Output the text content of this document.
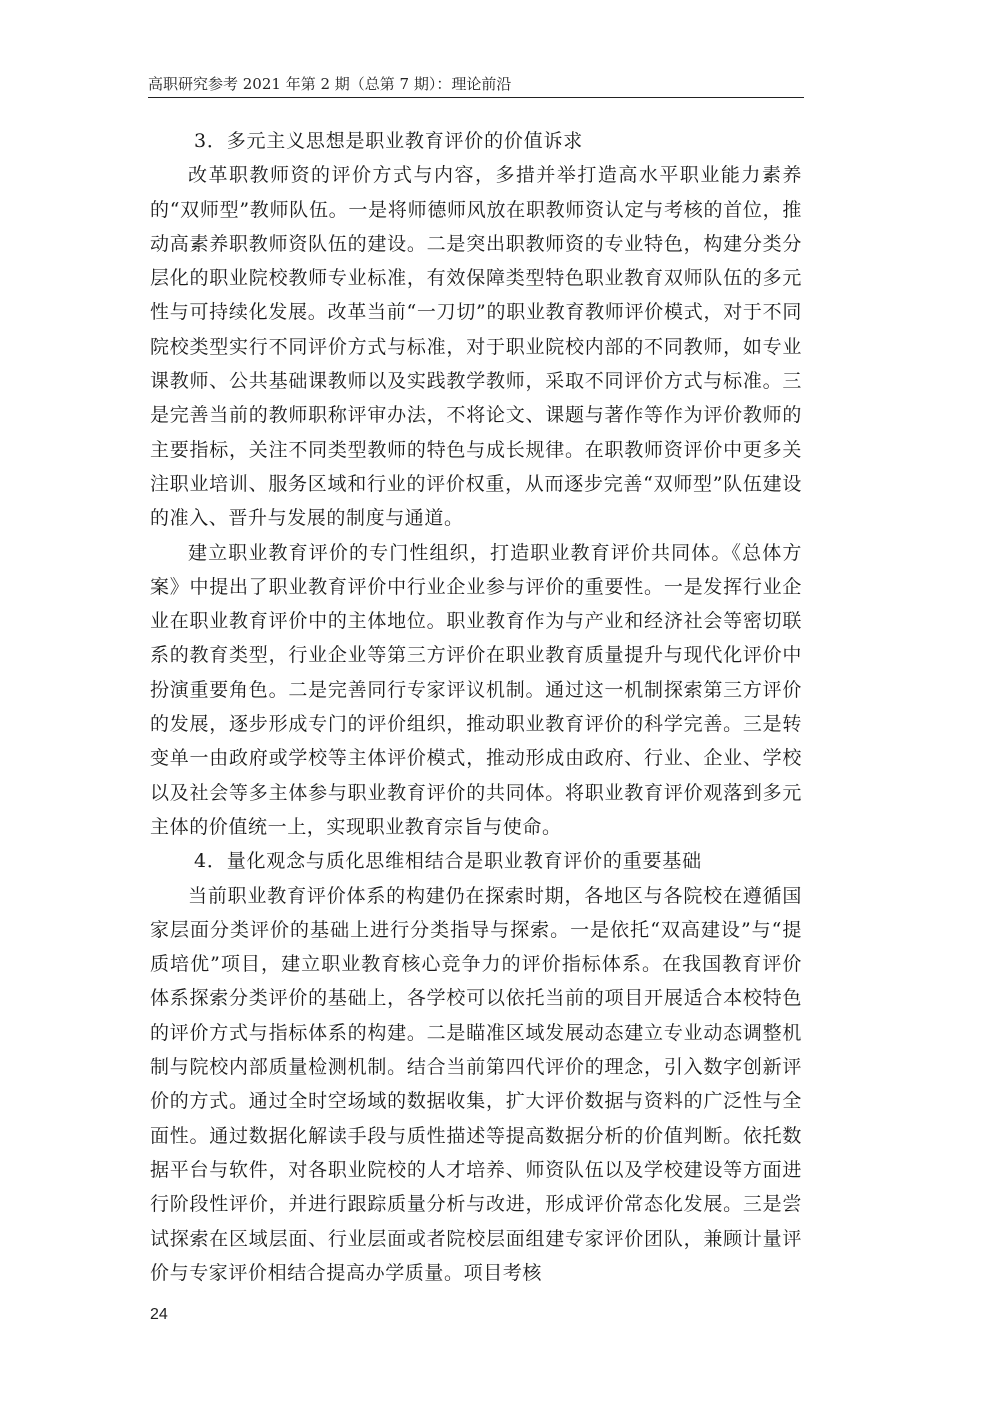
高职研究参考 2021 年第 2 期（总第 7 期）：理论前沿
3．多元主义思想是职业教育评价的价值诉求

改革职教师资的评价方式与内容，多措并举打造高水平职业能力素养的“双师型”教师队伍。一是将师德师风放在职教师资认定与考核的首位，推动高素养职教师资队伍的建设。二是突出职教师资的专业特色，构建分类分层化的职业院校教师专业标准，有效保障类型特色职业教育双师队伍的多元性与可持续化发展。改革当前“一刀切”的职业教育教师评价模式，对于不同院校类型实行不同评价方式与标准，对于职业院校内部的不同教师，如专业课教师、公共基础课教师以及实践教学教师，采取不同评价方式与标准。三是完善当前的教师职称评审办法，不将论文、课题与著作等作为评价教师的主要指标，关注不同类型教师的特色与成长规律。在职教师资评价中更多关注职业培训、服务区域和行业的评价权重，从而逐步完善“双师型”队伍建设的准入、晋升与发展的制度与通道。

建立职业教育评价的专门性组织，打造职业教育评价共同体。《总体方案》中提出了职业教育评价中行业企业参与评价的重要性。一是发挥行业企业在职业教育评价中的主体地位。职业教育作为与产业和经济社会等密切联系的教育类型，行业企业等第三方评价在职业教育质量提升与现代化评价中扮演重要角色。二是完善同行专家评议机制。通过这一机制探索第三方评价的发展，逐步形成专门的评价组织，推动职业教育评价的科学完善。三是转变单一由政府或学校等主体评价模式，推动形成由政府、行业、企业、学校以及社会等多主体参与职业教育评价的共同体。将职业教育评价观落到多元主体的价值统一上，实现职业教育宗旨与使命。

4．量化观念与质化思维相结合是职业教育评价的重要基础

当前职业教育评价体系的构建仍在探索时期，各地区与各院校在遵循国家层面分类评价的基础上进行分类指导与探索。一是依托“双高建设”与“提质培优”项目，建立职业教育核心竞争力的评价指标体系。在我国教育评价体系探索分类评价的基础上，各学校可以依托当前的项目开展适合本校特色的评价方式与指标体系的构建。二是瞄准区域发展动态建立专业动态调整机制与院校内部质量检测机制。结合当前第四代评价的理念，引入数字创新评价的方式。通过全时空场域的数据收集，扩大评价数据与资料的广泛性与全面性。通过数据化解读手段与质性描述等提高数据分析的价值判断。依托数据平台与软件，对各职业院校的人才培养、师资队伍以及学校建设等方面进行阶段性评价，并进行跟踪质量分析与改进，形成评价常态化发展。三是尝试探索在区域层面、行业层面或者院校层面组建专家评价团队，兼顾计量评价与专家评价相结合提高办学质量。项目考核

24
